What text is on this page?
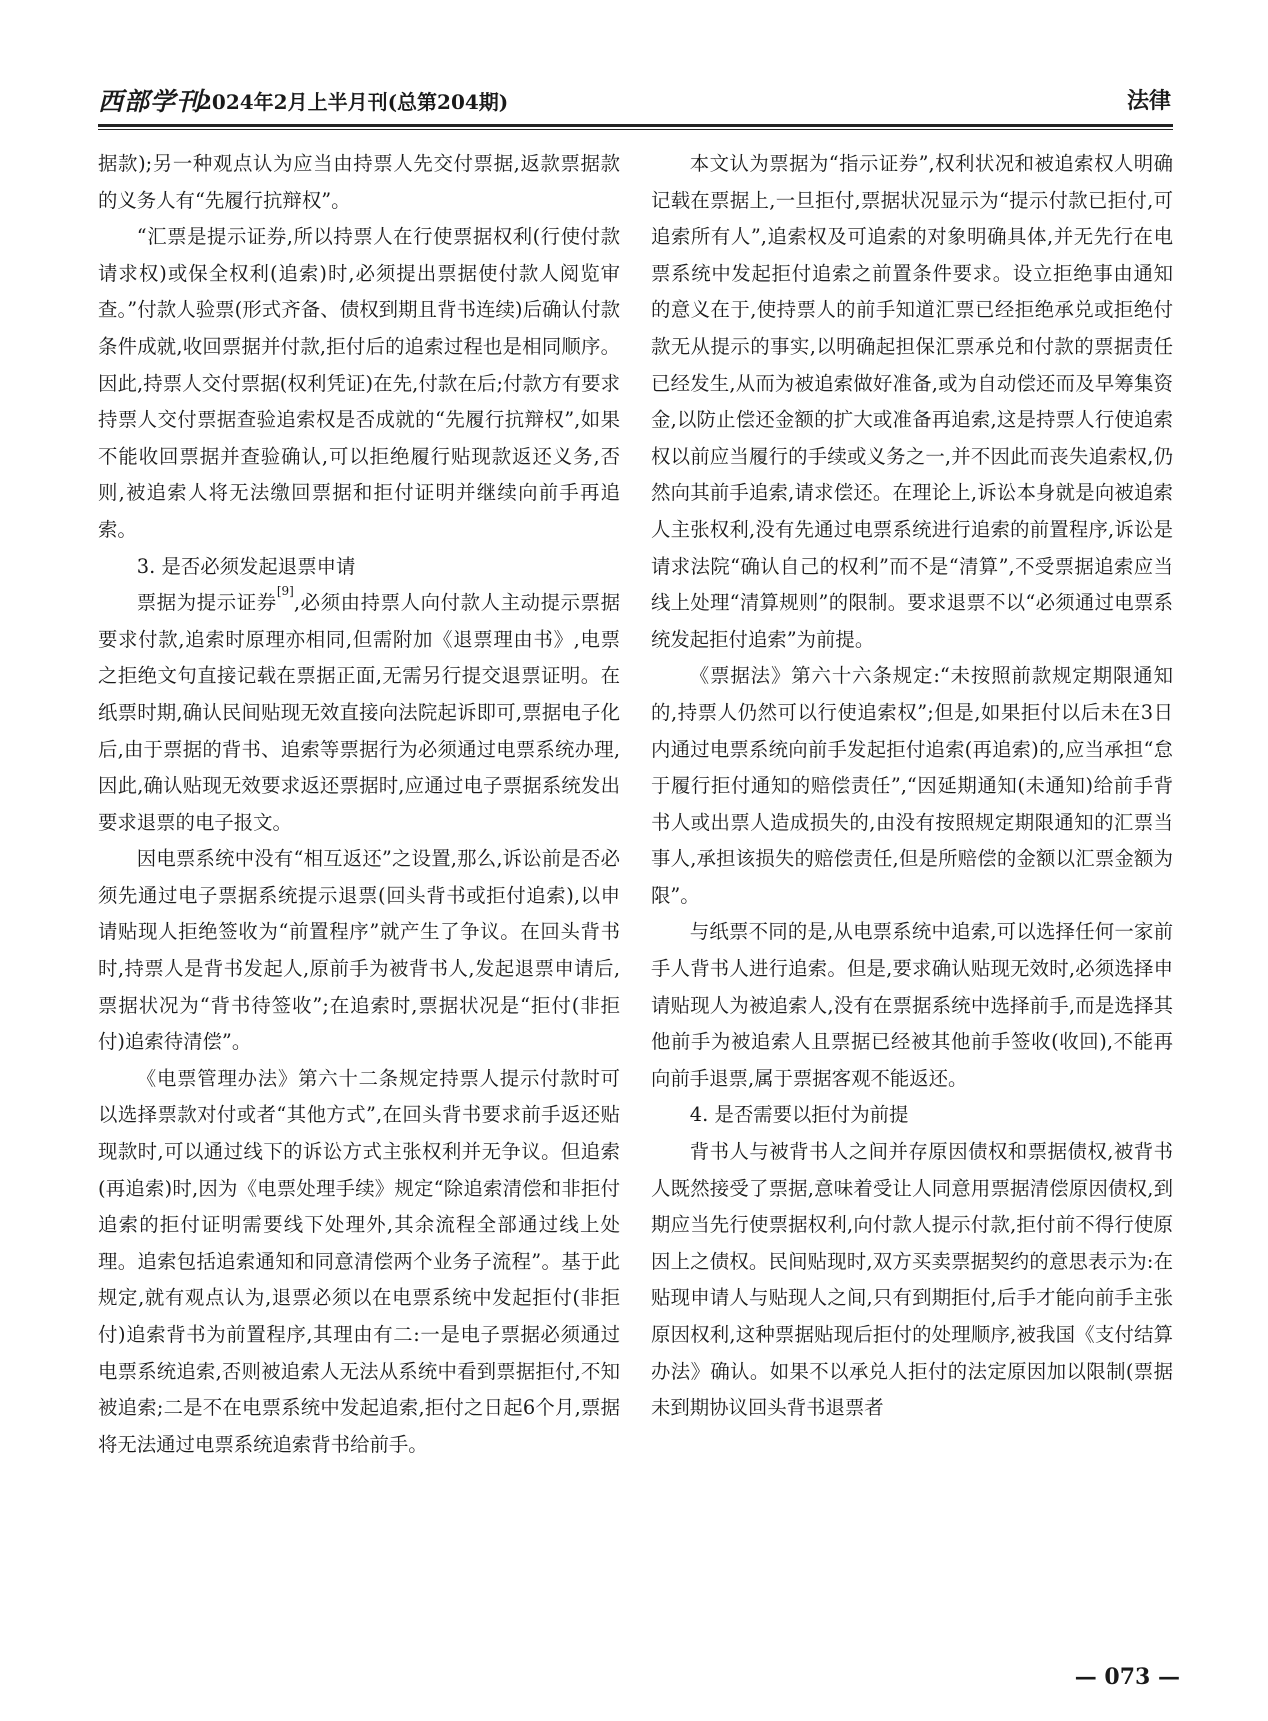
西部学刊
2024年2月上半月刊(总第204期)	法律

据款);另一种观点认为应当由持票人先交付票据,返款票据款的义务人有“先履行抗辩权”。

“汇票是提示证券,所以持票人在行使票据权利(行使付款请求权)或保全权利(追索)时,必须提出票据使付款人阅览审查。”付款人验票(形式齐备、债权到期且背书连续)后确认付款条件成就,收回票据并付款,拒付后的追索过程也是相同顺序。因此,持票人交付票据(权利凭证)在先,付款在后;付款方有要求持票人交付票据查验追索权是否成就的“先履行抗辩权”,如果不能收回票据并查验确认,可以拒绝履行贴现款返还义务,否则,被追索人将无法缴回票据和拒付证明并继续向前手再追索。

3. 是否必须发起退票申请

票据为提示证券[9],必须由持票人向付款人主动提示票据要求付款,追索时原理亦相同,但需附加《退票理由书》,电票之拒绝文句直接记载在票据正面,无需另行提交退票证明。在纸票时期,确认民间贴现无效直接向法院起诉即可,票据电子化后,由于票据的背书、追索等票据行为必须通过电票系统办理,因此,确认贴现无效要求返还票据时,应通过电子票据系统发出要求退票的电子报文。

因电票系统中没有“相互返还”之设置,那么,诉讼前是否必须先通过电子票据系统提示退票(回头背书或拒付追索),以申请贴现人拒绝签收为“前置程序”就产生了争议。在回头背书时,持票人是背书发起人,原前手为被背书人,发起退票申请后,票据状况为“背书待签收”;在追索时,票据状况是“拒付(非拒付)追索待清偿”。

《电票管理办法》第六十二条规定持票人提示付款时可以选择票款对付或者“其他方式”,在回头背书要求前手返还贴现款时,可以通过线下的诉讼方式主张权利并无争议。但追索(再追索)时,因为《电票处理手续》规定“除追索清偿和非拒付追索的拒付证明需要线下处理外,其余流程全部通过线上处理。追索包括追索通知和同意清偿两个业务子流程”。基于此规定,就有观点认为,退票必须以在电票系统中发起拒付(非拒付)追索背书为前置程序,其理由有二:一是电子票据必须通过电票系统追索,否则被追索人无法从系统中看到票据拒付,不知被追索;二是不在电票系统中发起追索,拒付之日起6个月,票据将无法通过电票系统追索背书给前手。

本文认为票据为“指示证券”,权利状况和被追索权人明确记载在票据上,一旦拒付,票据状况显示为“提示付款已拒付,可追索所有人”,追索权及可追索的对象明确具体,并无先行在电票系统中发起拒付追索之前置条件要求。设立拒绝事由通知的意义在于,使持票人的前手知道汇票已经拒绝承兑或拒绝付款无从提示的事实,以明确起担保汇票承兑和付款的票据责任已经发生,从而为被追索做好准备,或为自动偿还而及早筹集资金,以防止偿还金额的扩大或准备再追索,这是持票人行使追索权以前应当履行的手续或义务之一,并不因此而丧失追索权,仍然向其前手追索,请求偿还。在理论上,诉讼本身就是向被追索人主张权利,没有先通过电票系统进行追索的前置程序,诉讼是请求法院“确认自己的权利”而不是“清算”,不受票据追索应当线上处理“清算规则”的限制。要求退票不以“必须通过电票系统发起拒付追索”为前提。

《票据法》第六十六条规定:“未按照前款规定期限通知的,持票人仍然可以行使追索权”;但是,如果拒付以后未在3日内通过电票系统向前手发起拒付追索(再追索)的,应当承担“怠于履行拒付通知的赔偿责任”,“因延期通知(未通知)给前手背书人或出票人造成损失的,由没有按照规定期限通知的汇票当事人,承担该损失的赔偿责任,但是所赔偿的金额以汇票金额为限”。

与纸票不同的是,从电票系统中追索,可以选择任何一家前手人背书人进行追索。但是,要求确认贴现无效时,必须选择申请贴现人为被追索人,没有在票据系统中选择前手,而是选择其他前手为被追索人且票据已经被其他前手签收(收回),不能再向前手退票,属于票据客观不能返还。

4. 是否需要以拒付为前提

背书人与被背书人之间并存原因债权和票据债权,被背书人既然接受了票据,意味着受让人同意用票据清偿原因债权,到期应当先行使票据权利,向付款人提示付款,拒付前不得行使原因上之债权。民间贴现时,双方买卖票据契约的意思表示为:在贴现申请人与贴现人之间,只有到期拒付,后手才能向前手主张原因权利,这种票据贴现后拒付的处理顺序,被我国《支付结算办法》确认。如果不以承兑人拒付的法定原因加以限制(票据未到期协议回头背书退票者

— 073 —
